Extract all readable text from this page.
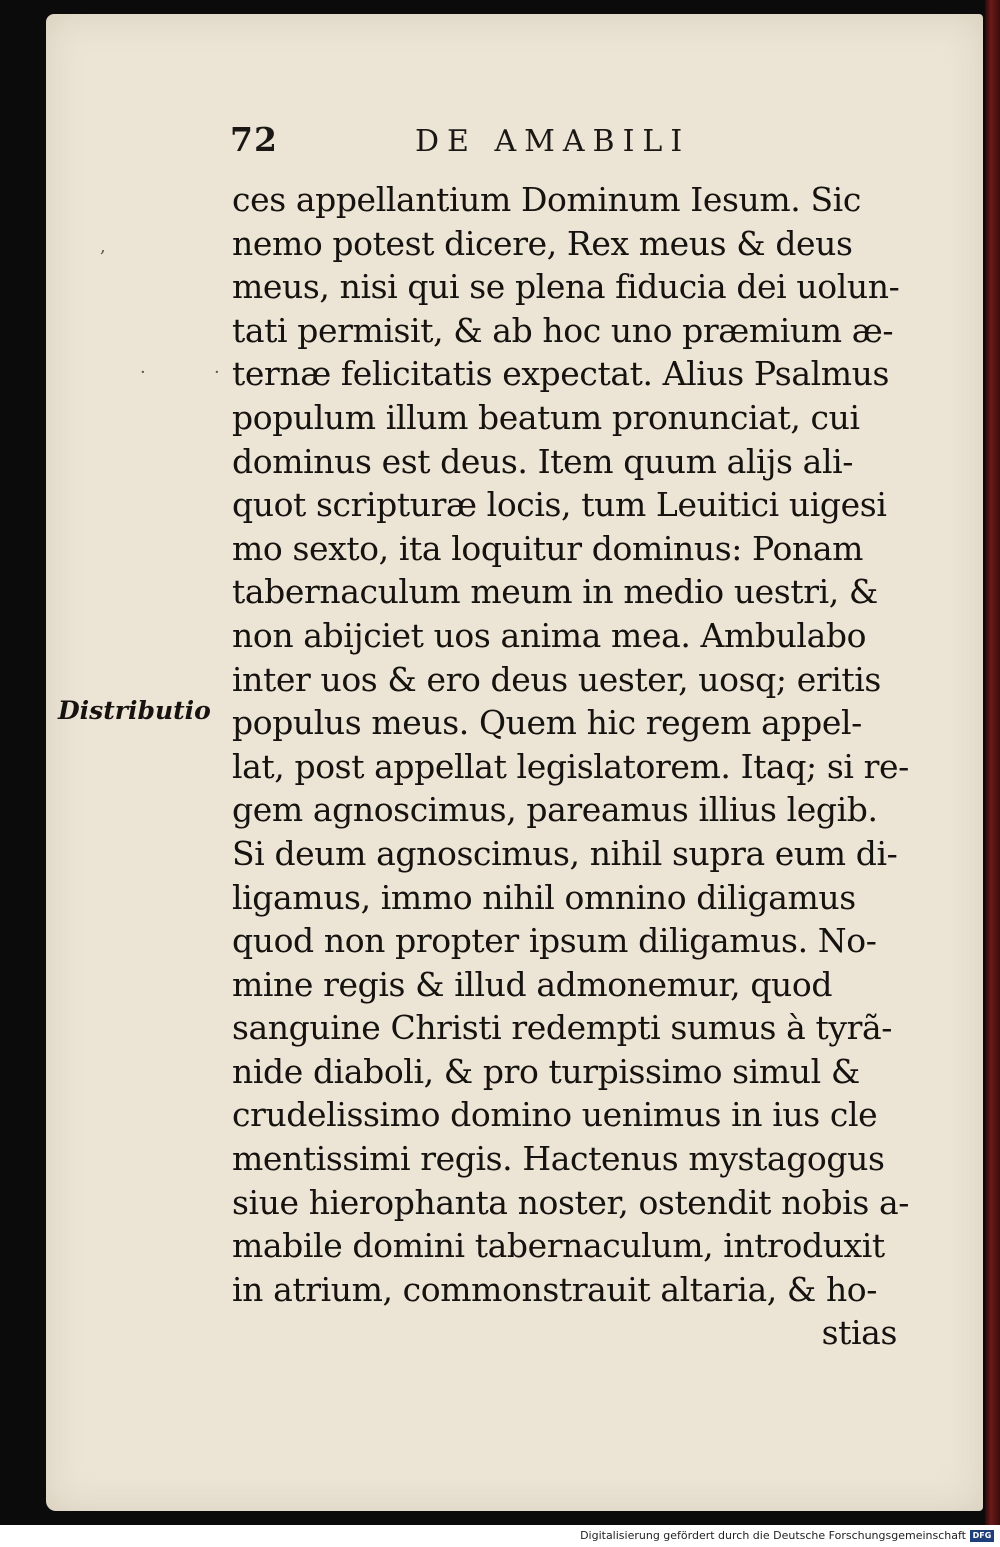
72	DE AMABILI
Distributio
ces appellantium Dominum Iesum. Sic
nemo potest dicere, Rex meus & deus
meus, nisi qui se plena fiducia dei uolun-
tati permisit, & ab hoc uno præmium æ-
ternæ felicitatis expectat. Alius Psalmus
populum illum beatum pronunciat, cui
dominus est deus. Item quum alijs ali-
quot scripturæ locis, tum Leuitici uigesi
mo sexto, ita loquitur dominus: Ponam
tabernaculum meum in medio uestri, &
non abijciet uos anima mea. Ambulabo
inter uos & ero deus uester, uosq; eritis
populus meus. Quem hic regem appel-
lat, post appellat legislatorem. Itaq; si re-
gem agnoscimus, pareamus illius legib.
Si deum agnoscimus, nihil supra eum di-
ligamus, immo nihil omnino diligamus
quod non propter ipsum diligamus. No-
mine regis & illud admonemur, quod
sanguine Christi redempti sumus à tyrã-
nide diaboli, & pro turpissimo simul &
crudelissimo domino uenimus in ius cle
mentissimi regis. Hactenus mystagogus
siue hierophanta noster, ostendit nobis a-
mabile domini tabernaculum, introduxit
in atrium, commonstrauit altaria, & ho-
stias
,
·	·
Digitalisierung gefördert durch die Deutsche Forschungsgemeinschaft DFG
